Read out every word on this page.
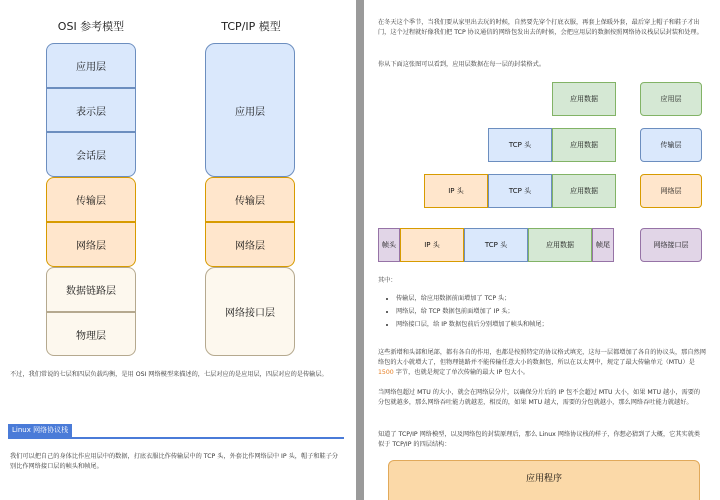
OSI 参考模型	TCP/IP 模型
应用层
表示层
会话层
传输层
网络层
数据链路层
物理层
应用层
传输层
网络层
网络接口层
不过，我们常说的七层和四层负载均衡，是用 OSI 网络模型来描述的，七层对应的是应用层，四层对应的是传输层。
Linux 网络协议栈
我们可以把自己的身体比作应用层中的数据，打底衣服比作传输层中的 TCP 头，外套比作网络层中 IP 头，帽子和鞋子分别比作网络接口层的帧头和帧尾。
在冬天这个季节，当我们要从家里出去玩的时候，自然要先穿个打底衣服，再套上保暖外套，最后穿上帽子和鞋子才出门，这个过程就好像我们把 TCP 协议通信的网络包发出去的时候，会把应用层的数据按照网络协议栈层层封装和处理。
你从下面这张图可以看到，应用层数据在每一层的封装格式。
应用数据	应用层
TCP 头	应用数据	传输层
IP 头	TCP 头	应用数据	网络层
帧头	IP 头	TCP 头	应用数据	帧尾	网络接口层
其中：
• 传输层，给应用数据前面增加了 TCP 头；
• 网络层，给 TCP 数据包前面增加了 IP 头；
• 网络接口层，给 IP 数据包前后分别增加了帧头和帧尾；
这些新增和头部和尾部，都有各自的作用，也都是按照特定的协议格式填充，这每一层都增加了各自的协议头，那自然网络包的大小就增大了，但物理链路并不能传输任意大小的数据包，所以在以太网中，规定了最大传输单元（MTU）是 1500 字节，也就是规定了单次传输的最大 IP 包大小。
当网络包超过 MTU 的大小，就会在网络层分片，以确保分片后的 IP 包不会超过 MTU 大小，如果 MTU 越小，需要的分包就越多，那么网络吞吐能力就越差，相反的，如果 MTU 越大，需要的分包就越小，那么网络吞吐能力就越好。
知道了 TCP/IP 网络模型，以及网络包的封装原理后，那么 Linux 网络协议栈的样子，你想必猜到了大概，它其实就类似于 TCP/IP 的四层结构：
应用程序
